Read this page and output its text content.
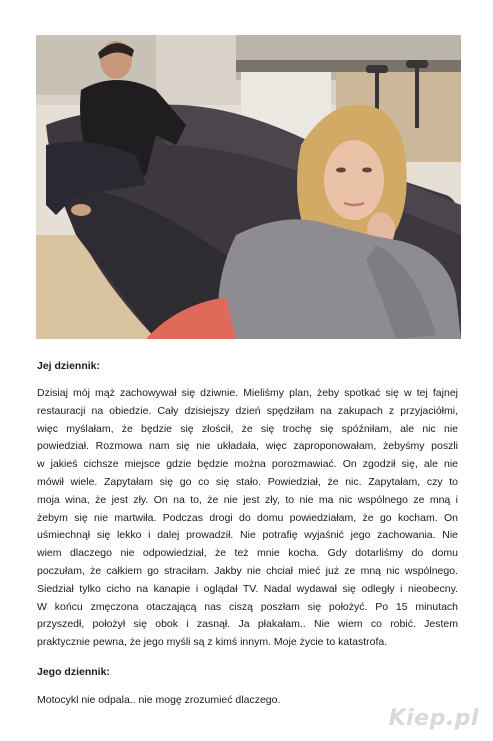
Jej dziennik:
Dzisiaj mój mąż zachowywał się dziwnie. Mieliśmy plan, żeby spotkać się w tej fajnej
restauracji na obiedzie. Cały dzisiejszy dzień spędziłam na zakupach z przyjaciółmi,
więc myślałam, że będzie się złościł, że się trochę się spóźniłam, ale nic nie
powiedział. Rozmowa nam się nie układała, więc zaproponowałam, żebyśmy poszli
w jakieś cichsze miejsce gdzie będzie można porozmawiać. On zgodził się, ale nie
mówił wiele. Zapytałam się go co się stało. Powiedział, że nic. Zapytałam, czy to
moja wina, że jest zły. On na to, że nie jest zły, to nie ma nic wspólnego ze mną i
żebym się nie martwiła. Podczas drogi do domu powiedziałam, że go kocham. On
uśmiechnął się lekko i dalej prowadził. Nie potrafię wyjaśnić jego zachowania. Nie
wiem dlaczego nie odpowiedział, że też mnie kocha. Gdy dotarliśmy do domu
poczułam, że całkiem go straciłam. Jakby nie chciał mieć już ze mną nic wspólnego.
Siedział tylko cicho na kanapie i oglądał TV. Nadal wydawał się odległy i nieobecny.
W końcu zmęczona otaczającą nas ciszą poszłam się położyć. Po 15 minutach
przyszedł, położył się obok i zasnął. Ja płakałam.. Nie wiem co robić. Jestem
praktycznie pewna, że jego myśli są z kimś innym. Moje życie to katastrofa.
Jego dziennik:
Motocykl nie odpala.. nie mogę zrozumieć dlaczego.
Kiep.pl
